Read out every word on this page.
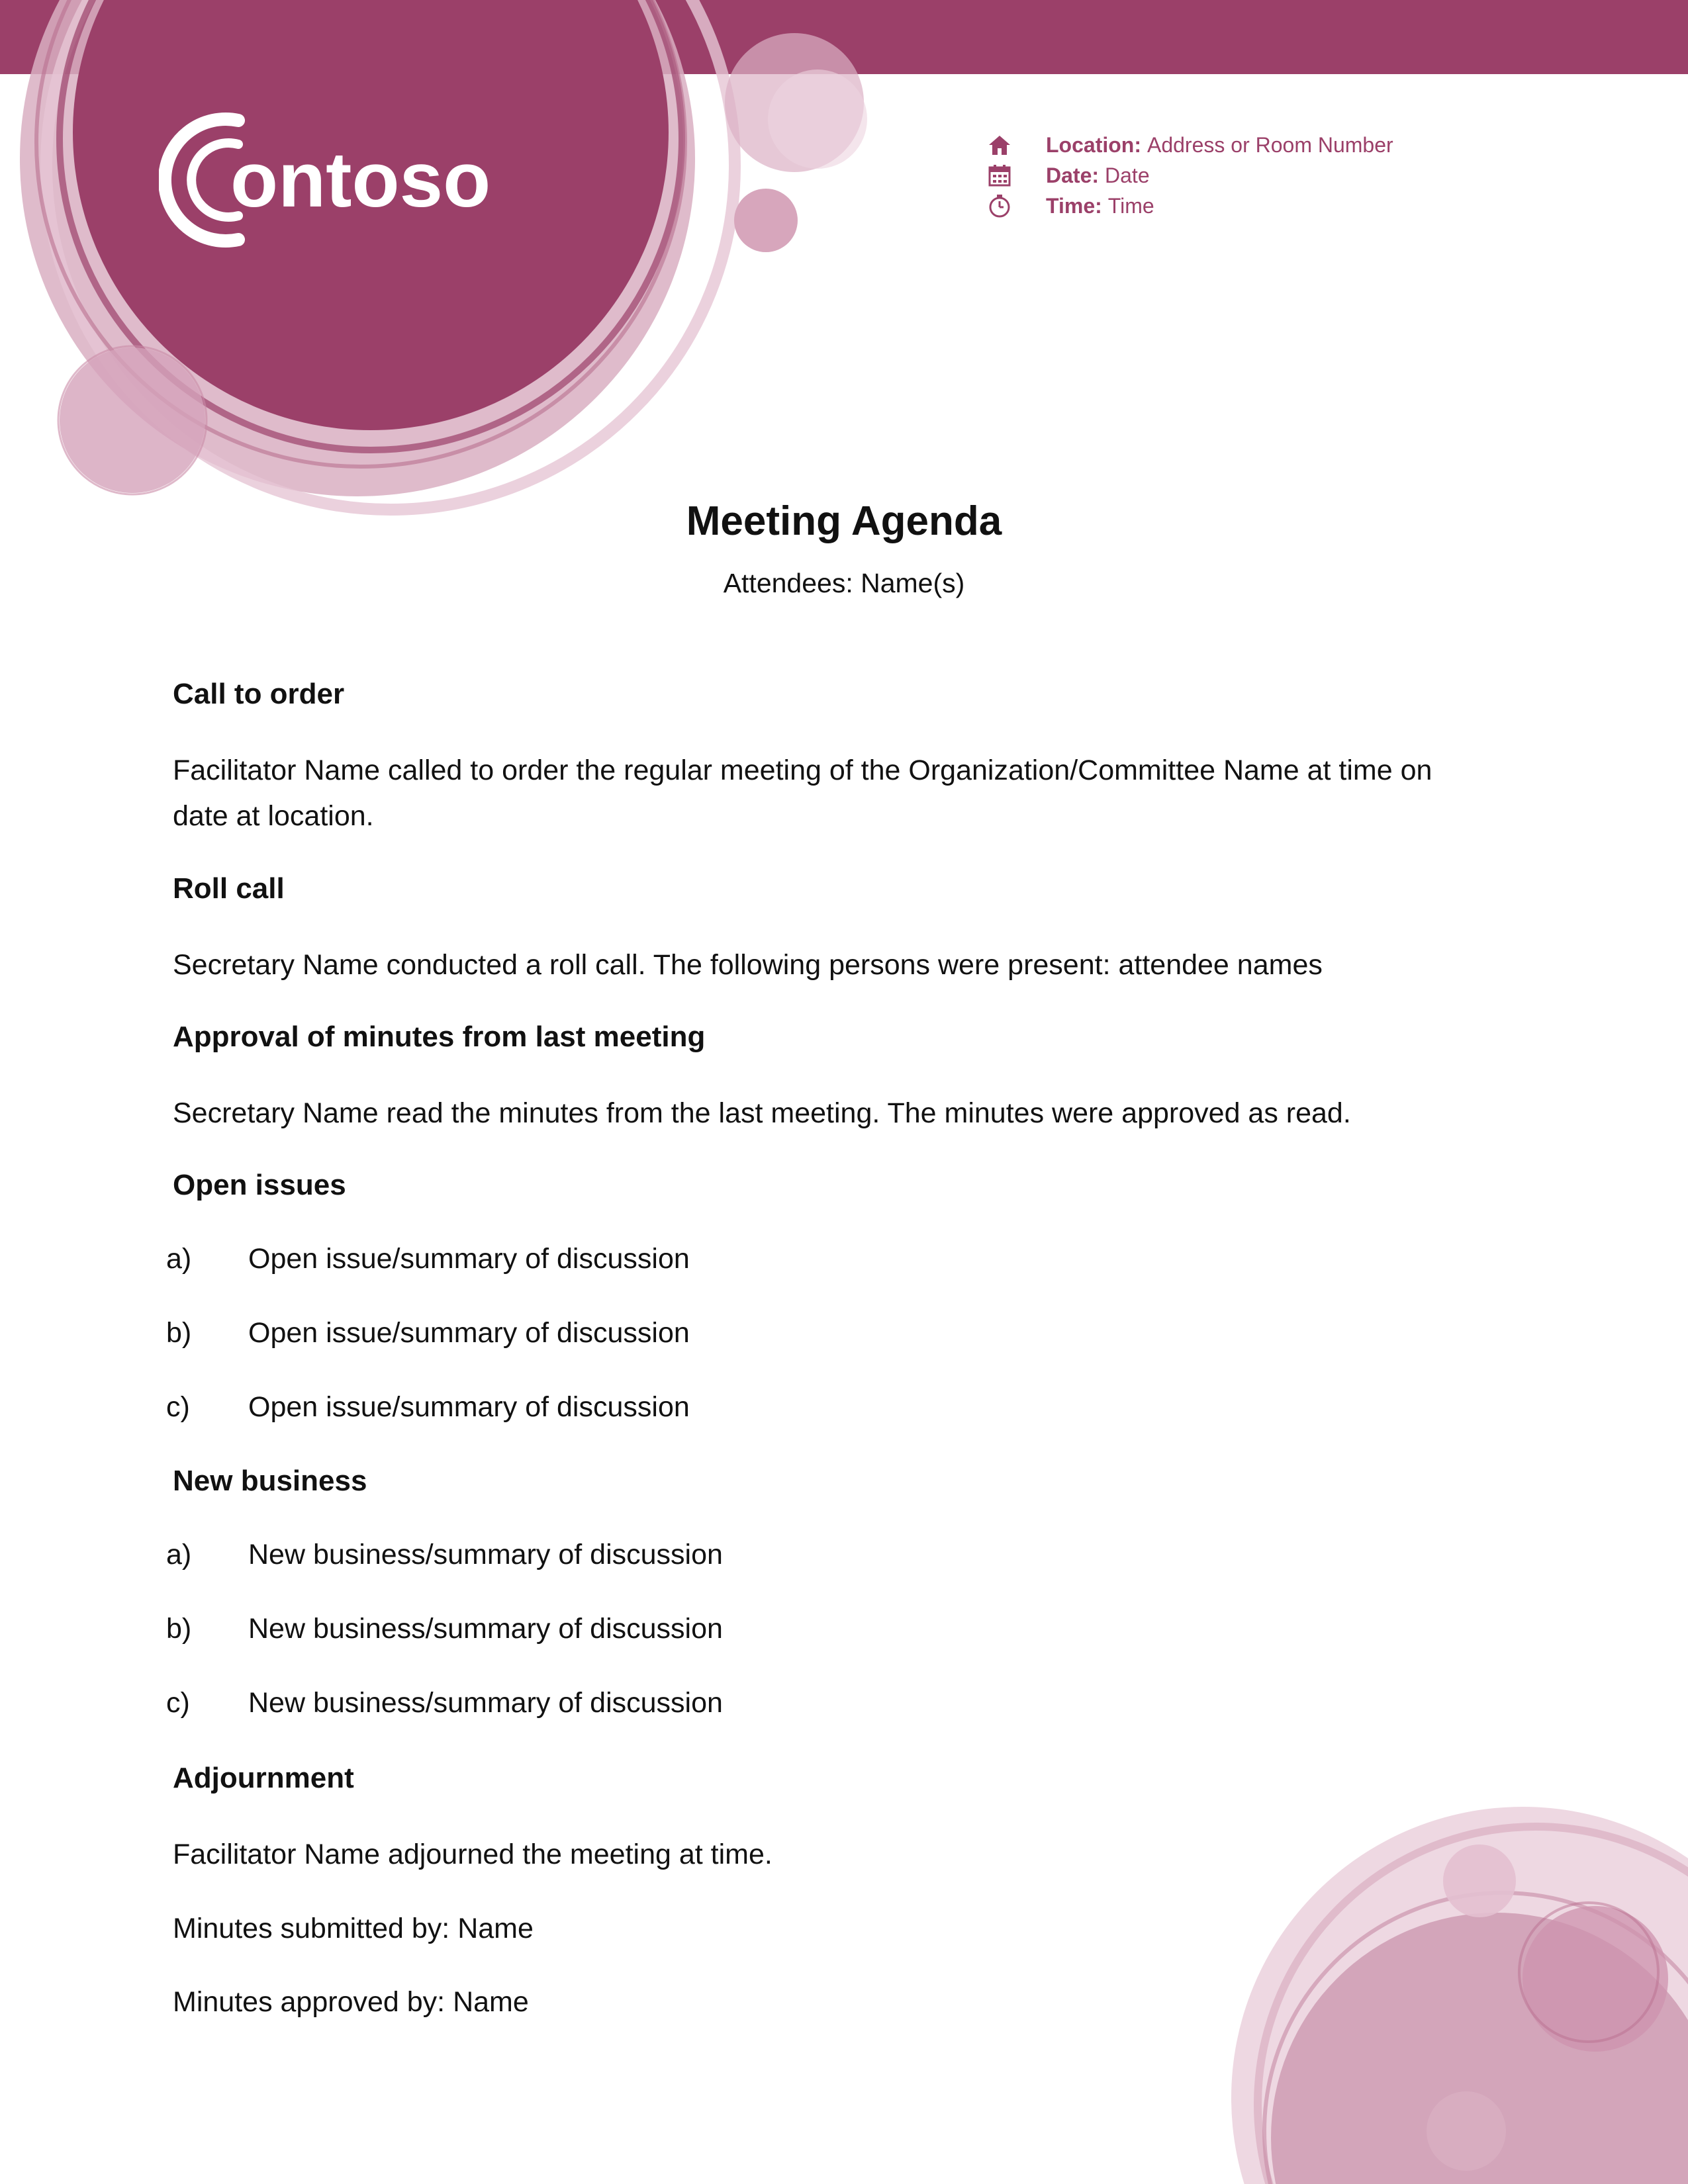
ontoso	Location: Address or Room Number
Date: Date
Time: Time
Meeting Agenda
Attendees: Name(s)
Call to order
Facilitator Name called to order the regular meeting of the Organization/Committee Name at time on
date at location.
Roll call
Secretary Name conducted a roll call. The following persons were present: attendee names
Approval of minutes from last meeting
Secretary Name read the minutes from the last meeting. The minutes were approved as read.
Open issues
a) Open issue/summary of discussion
b) Open issue/summary of discussion
c) Open issue/summary of discussion
New business
a) New business/summary of discussion
b) New business/summary of discussion
c) New business/summary of discussion
Adjournment
Facilitator Name adjourned the meeting at time.
Minutes submitted by: Name
Minutes approved by: Name
